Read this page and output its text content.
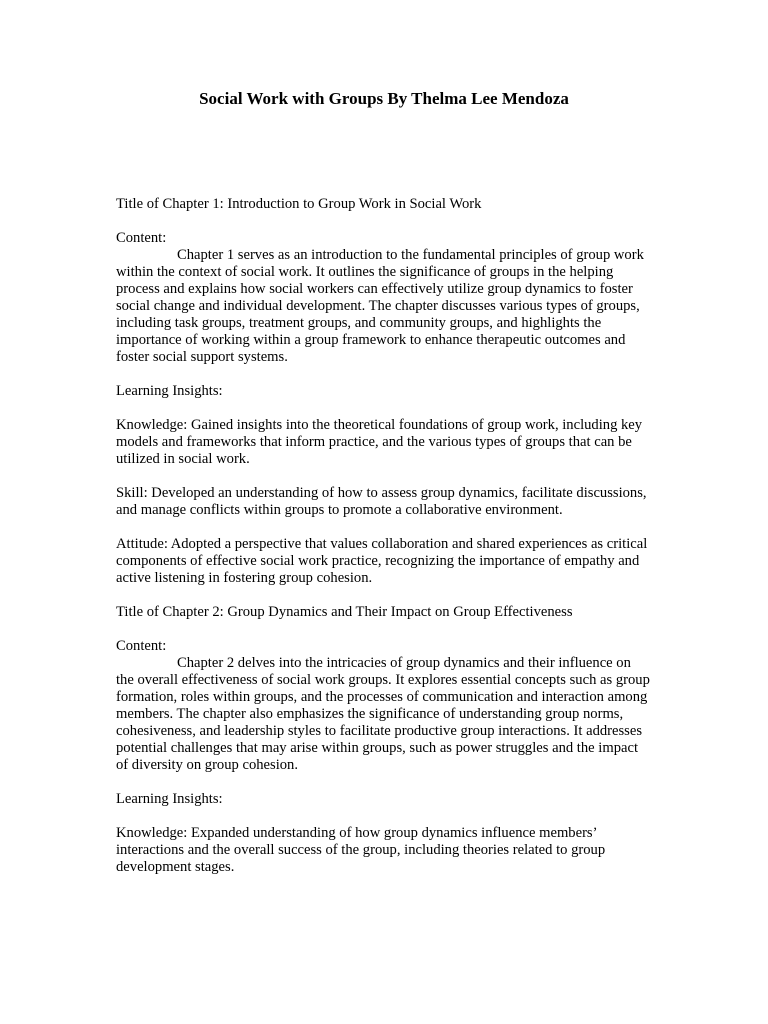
Social Work with Groups By Thelma Lee Mendoza

Title of Chapter 1: Introduction to Group Work in Social Work

Content:

Chapter 1 serves as an introduction to the fundamental principles of group work within the context of social work. It outlines the significance of groups in the helping process and explains how social workers can effectively utilize group dynamics to foster social change and individual development. The chapter discusses various types of groups, including task groups, treatment groups, and community groups, and highlights the importance of working within a group framework to enhance therapeutic outcomes and foster social support systems.

Learning Insights:

Knowledge: Gained insights into the theoretical foundations of group work, including key models and frameworks that inform practice, and the various types of groups that can be utilized in social work.

Skill: Developed an understanding of how to assess group dynamics, facilitate discussions, and manage conflicts within groups to promote a collaborative environment.

Attitude: Adopted a perspective that values collaboration and shared experiences as critical components of effective social work practice, recognizing the importance of empathy and active listening in fostering group cohesion.

Title of Chapter 2: Group Dynamics and Their Impact on Group Effectiveness

Content:

Chapter 2 delves into the intricacies of group dynamics and their influence on the overall effectiveness of social work groups. It explores essential concepts such as group formation, roles within groups, and the processes of communication and interaction among members. The chapter also emphasizes the significance of understanding group norms, cohesiveness, and leadership styles to facilitate productive group interactions. It addresses potential challenges that may arise within groups, such as power struggles and the impact of diversity on group cohesion.

Learning Insights:

Knowledge: Expanded understanding of how group dynamics influence members’ interactions and the overall success of the group, including theories related to group development stages.
